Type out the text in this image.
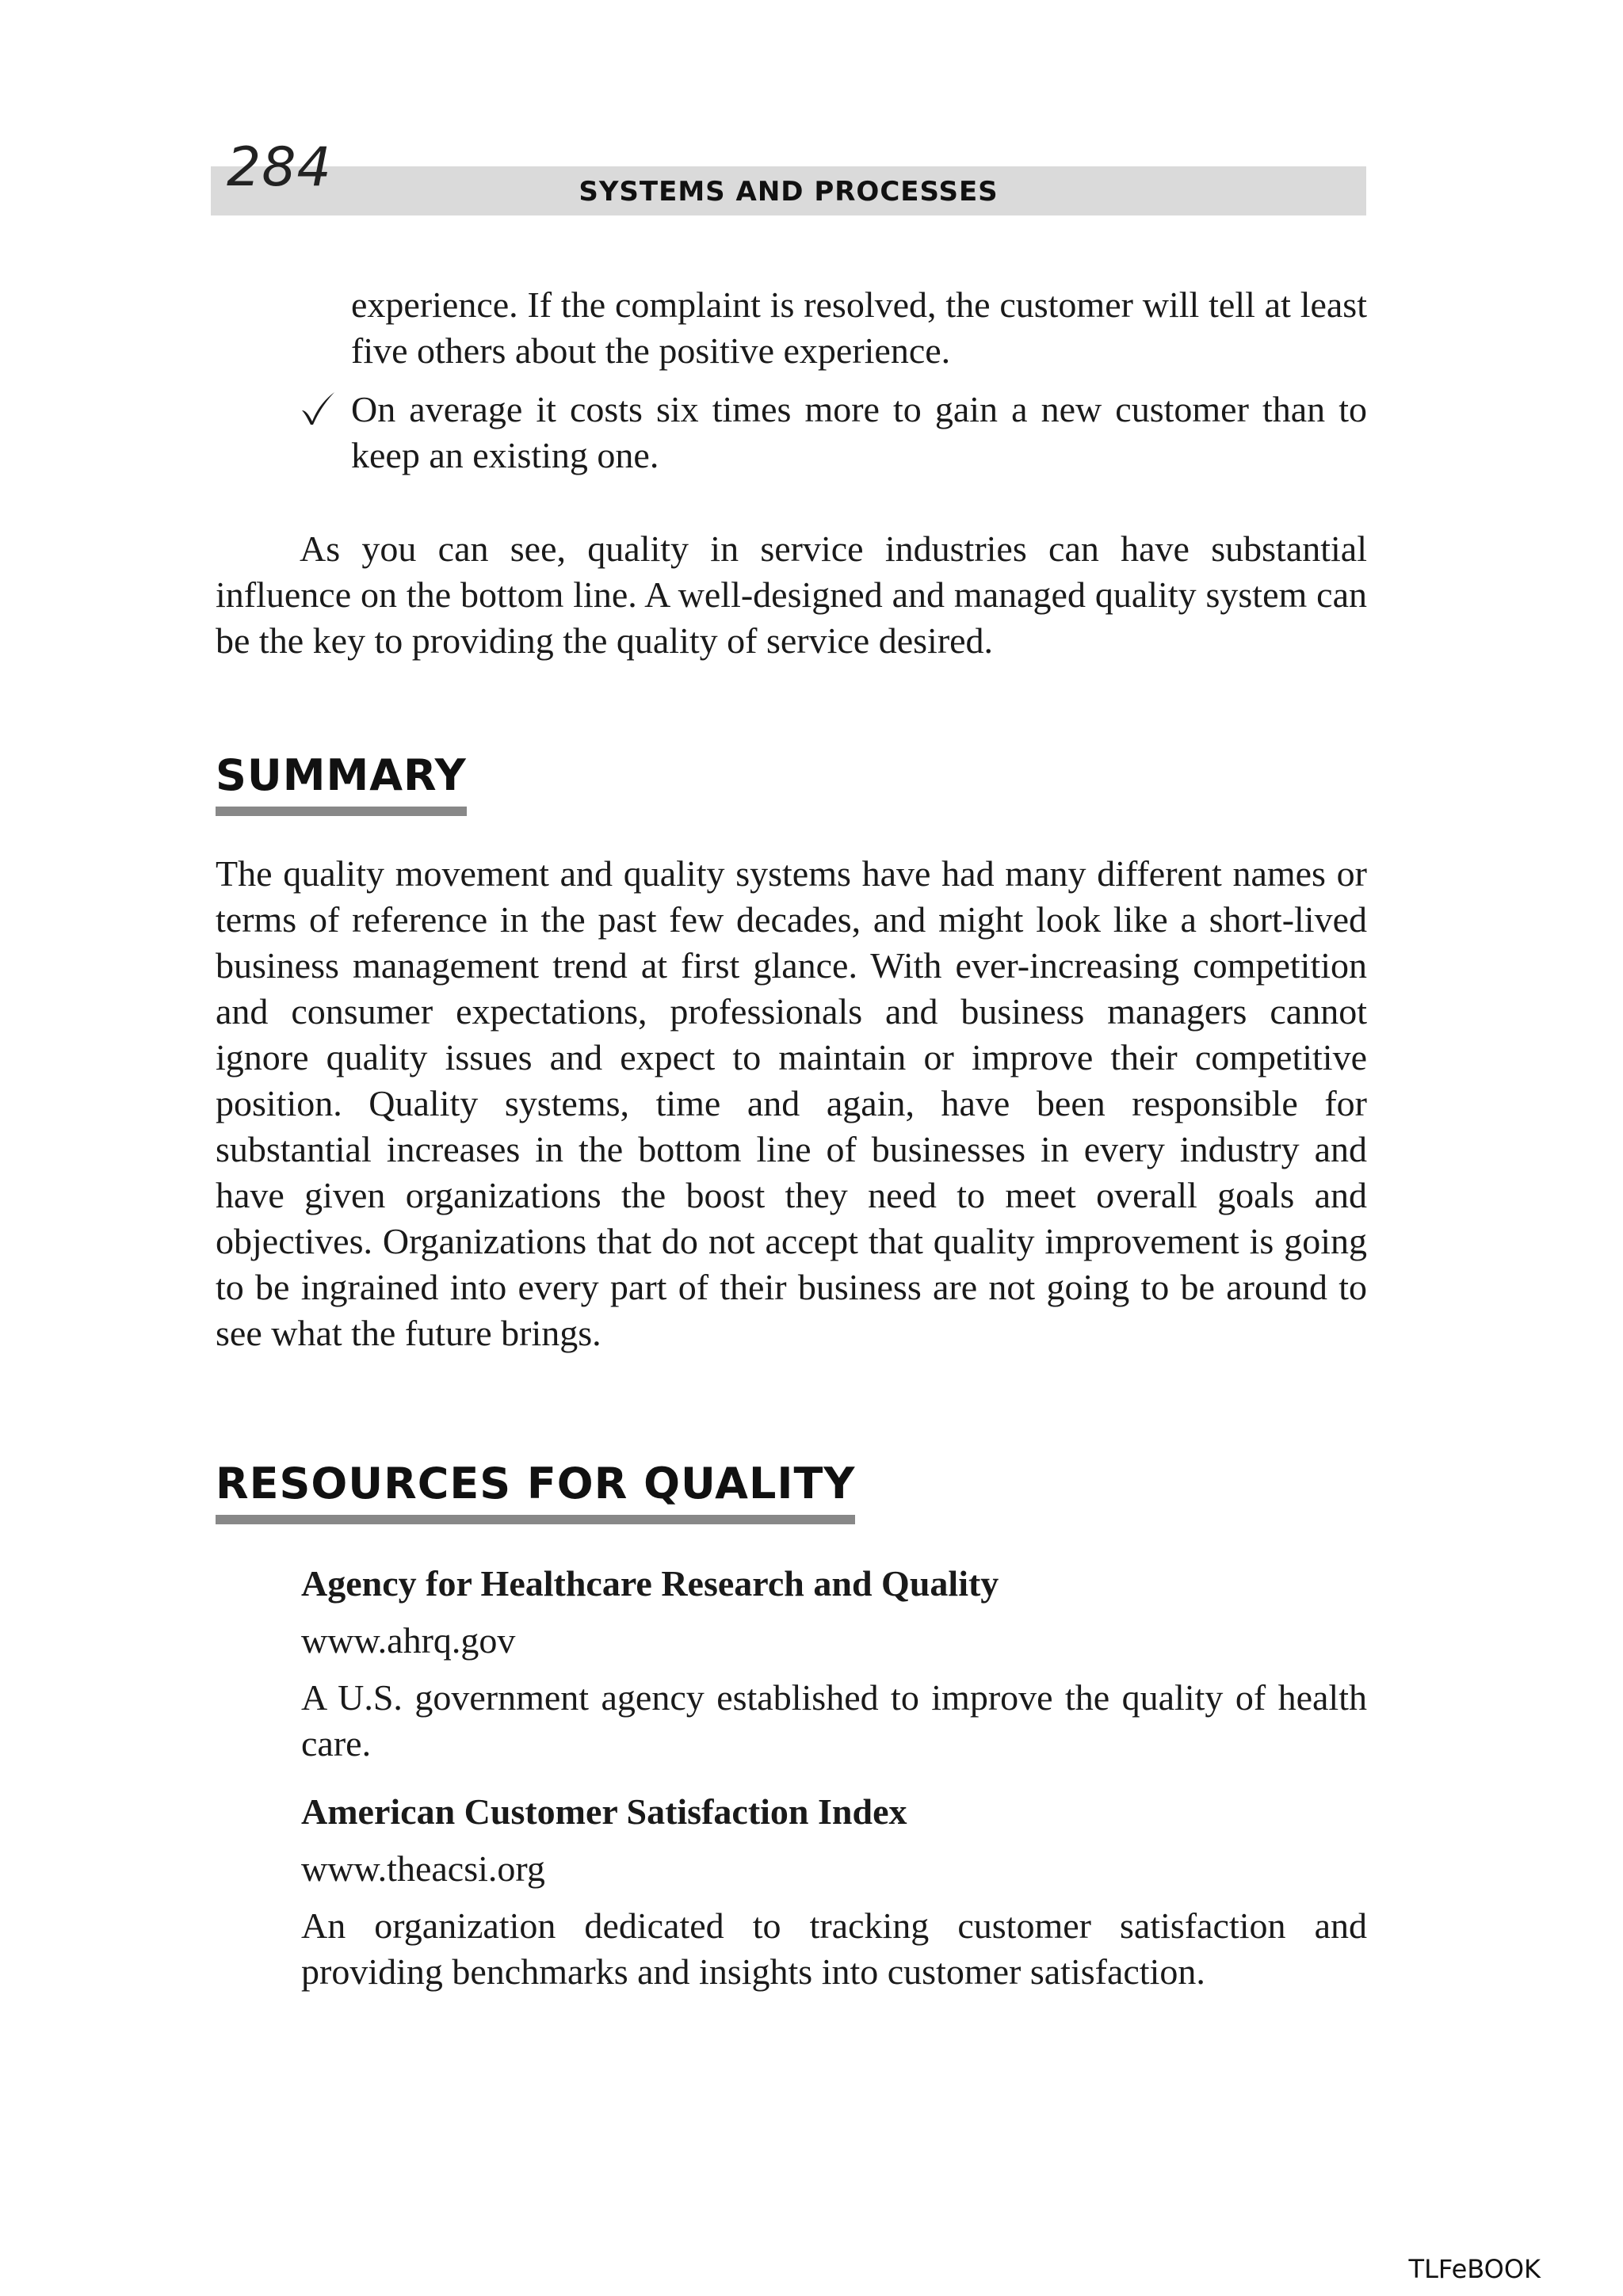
284	SYSTEMS AND PROCESSES
experience. If the complaint is resolved, the customer will tell at least five others about the positive experience.
On average it costs six times more to gain a new customer than to keep an existing one.
As you can see, quality in service industries can have substantial influence on the bottom line. A well-designed and managed quality system can be the key to providing the quality of service desired.
SUMMARY
The quality movement and quality systems have had many different names or terms of reference in the past few decades, and might look like a short-lived business management trend at first glance. With ever-increasing competition and consumer expectations, professionals and business managers cannot ignore quality issues and expect to maintain or improve their competitive position. Quality systems, time and again, have been responsible for substantial increases in the bottom line of businesses in every industry and have given organizations the boost they need to meet overall goals and objectives. Organizations that do not accept that quality improvement is going to be ingrained into every part of their business are not going to be around to see what the future brings.
RESOURCES FOR QUALITY
Agency for Healthcare Research and Quality
www.ahrq.gov
A U.S. government agency established to improve the quality of health care.
American Customer Satisfaction Index
www.theacsi.org
An organization dedicated to tracking customer satisfaction and providing benchmarks and insights into customer satisfaction.
TLFeBOOK
